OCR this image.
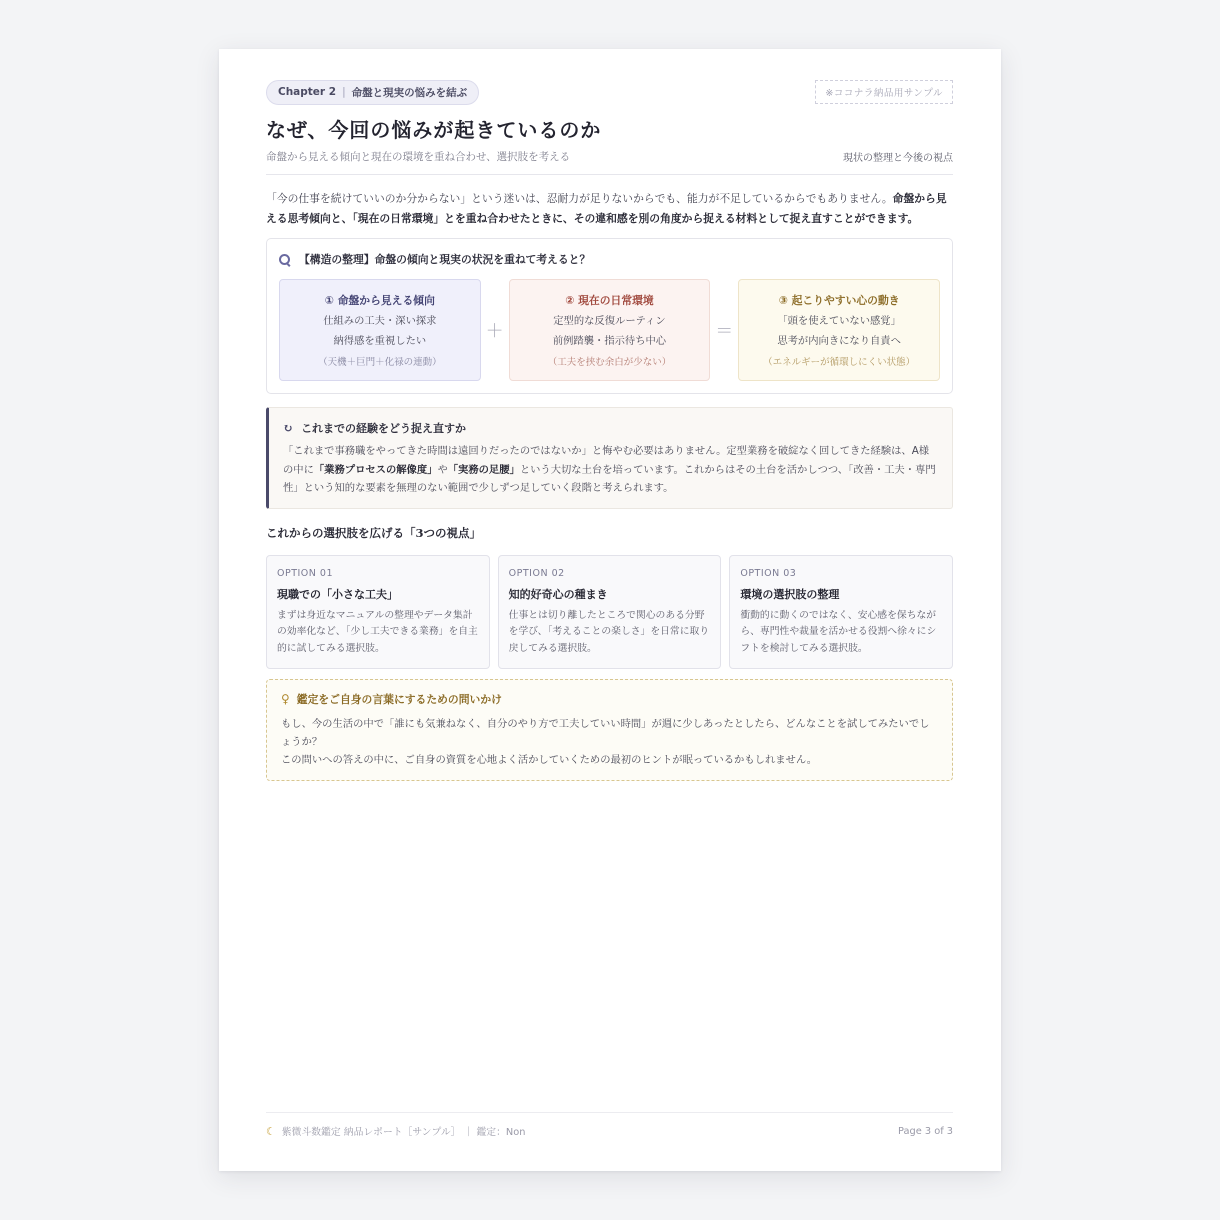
Chapter 2 | 命盤と現実の悩みを結ぶ	※ココナラ納品用サンプル
なぜ、今回の悩みが起きているのか
命盤から見える傾向と現在の環境を重ね合わせ、選択肢を考える	現状の整理と今後の視点

「今の仕事を続けていいのか分からない」という迷いは、忍耐力が足りないからでも、能力が不足しているからでもありません。命盤から見える思考傾向と、「現在の日常環境」とを重ね合わせたときに、その違和感を別の角度から捉える材料として捉え直すことができます。

【構造の整理】命盤の傾向と現実の状況を重ねて考えると？
① 命盤から見える傾向
仕組みの工夫・深い探求
納得感を重視したい
（天機＋巨門＋化禄の連動）
＋
② 現在の日常環境
定型的な反復ルーティン
前例踏襲・指示待ち中心
（工夫を挟む余白が少ない）
＝
③ 起こりやすい心の動き
「頭を使えていない感覚」
思考が内向きになり自責へ
（エネルギーが循環しにくい状態）
↻ これまでの経験をどう捉え直すか

「これまで事務職をやってきた時間は遠回りだったのではないか」と悔やむ必要はありません。定型業務を破綻なく回してきた経験は、A様の中に「業務プロセスの解像度」や「実務の足腰」という大切な土台を培っています。これからはその土台を活かしつつ、「改善・工夫・専門性」という知的な要素を無理のない範囲で少しずつ足していく段階と考えられます。

これからの選択肢を広げる「3つの視点」
OPTION 01
現職での「小さな工夫」
まずは身近なマニュアルの整理やデータ集計の効率化など、「少し工夫できる業務」を自主的に試してみる選択肢。
OPTION 02
知的好奇心の種まき
仕事とは切り離したところで関心のある分野を学び、「考えることの楽しさ」を日常に取り戻してみる選択肢。
OPTION 03
環境の選択肢の整理
衝動的に動くのではなく、安心感を保ちながら、専門性や裁量を活かせる役割へ徐々にシフトを検討してみる選択肢。
♀ 鑑定をご自身の言葉にするための問いかけ

もし、今の生活の中で「誰にも気兼ねなく、自分のやり方で工夫していい時間」が週に少しあったとしたら、どんなことを試してみたいでしょうか？
この問いへの答えの中に、ご自身の資質を心地よく活かしていくための最初のヒントが眠っているかもしれません。

☾ 紫微斗数鑑定 納品レポート［サンプル］ ｜ 鑑定：Non	Page 3 of 3
